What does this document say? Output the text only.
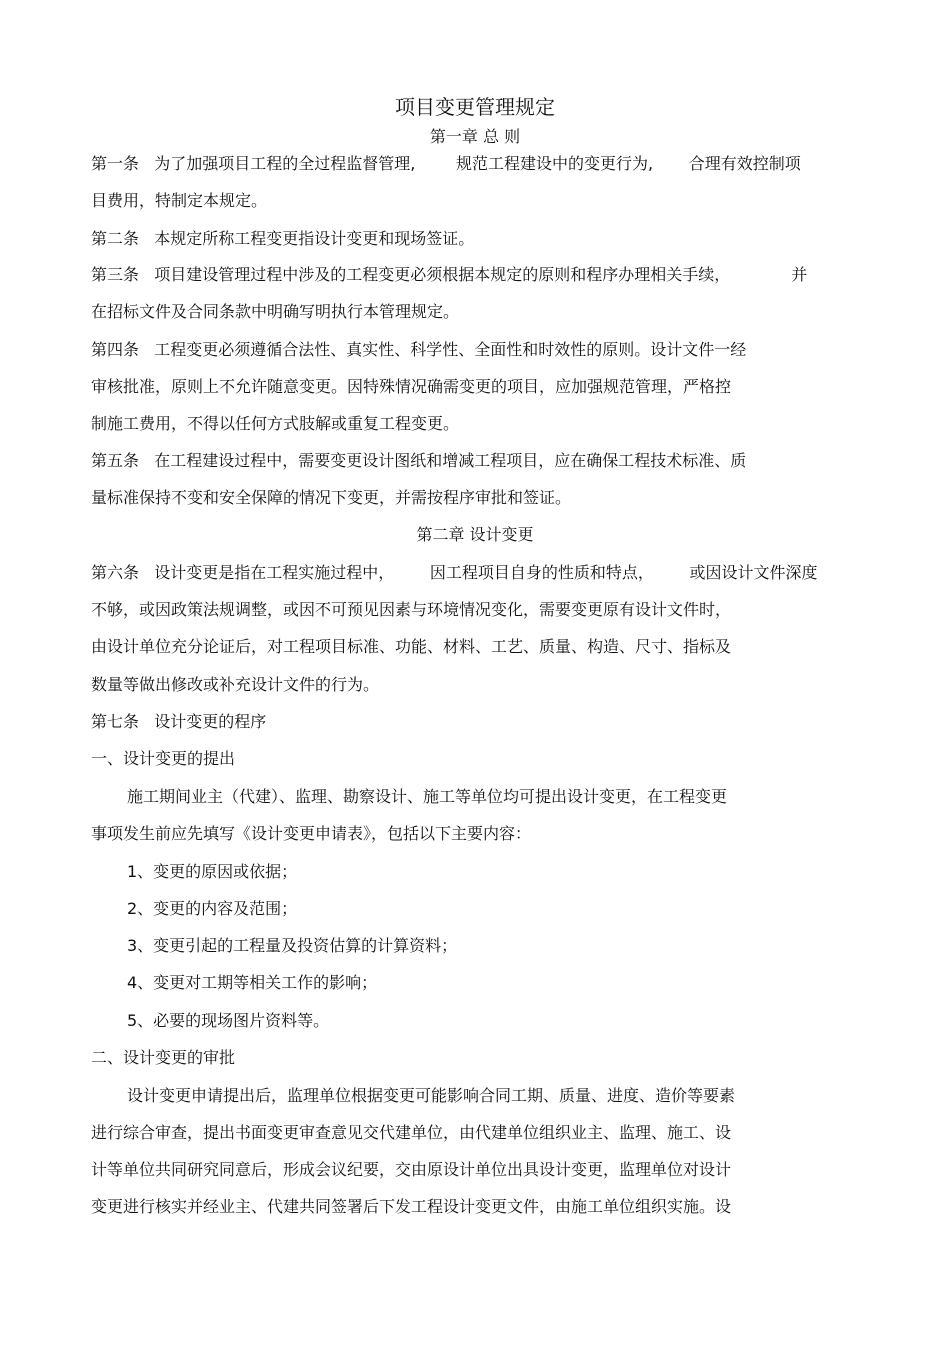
项目变更管理规定
第一章 总 则
第一条   为了加强项目工程的全过程监督管理,        规范工程建设中的变更行为,       合理有效控制项
目费用，特制定本规定。
第二条   本规定所称工程变更指设计变更和现场签证。
第三条   项目建设管理过程中涉及的工程变更必须根据本规定的原则和程序办理相关手续，            并
在招标文件及合同条款中明确写明执行本管理规定。
第四条   工程变更必须遵循合法性、真实性、科学性、全面性和时效性的原则。设计文件一经
审核批准，原则上不允许随意变更。因特殊情况确需变更的项目，应加强规范管理，严格控
制施工费用，不得以任何方式肢解或重复工程变更。
第五条   在工程建设过程中，需要变更设计图纸和增减工程项目，应在确保工程技术标准、质
量标准保持不变和安全保障的情况下变更，并需按程序审批和签证。
第二章 设计变更
第六条   设计变更是指在工程实施过程中，       因工程项目自身的性质和特点，       或因设计文件深度
不够，或因政策法规调整，或因不可预见因素与环境情况变化，需要变更原有设计文件时，
由设计单位充分论证后，对工程项目标准、功能、材料、工艺、质量、构造、尺寸、指标及
数量等做出修改或补充设计文件的行为。
第七条   设计变更的程序
一、设计变更的提出
施工期间业主（代建）、监理、勘察设计、施工等单位均可提出设计变更，在工程变更
事项发生前应先填写《设计变更申请表》，包括以下主要内容：
1、变更的原因或依据；
2、变更的内容及范围；
3、变更引起的工程量及投资估算的计算资料；
4、变更对工期等相关工作的影响；
5、必要的现场图片资料等。
二、设计变更的审批
设计变更申请提出后，监理单位根据变更可能影响合同工期、质量、进度、造价等要素
进行综合审查，提出书面变更审查意见交代建单位，由代建单位组织业主、监理、施工、设
计等单位共同研究同意后，形成会议纪要，交由原设计单位出具设计变更，监理单位对设计
变更进行核实并经业主、代建共同签署后下发工程设计变更文件，由施工单位组织实施。设
